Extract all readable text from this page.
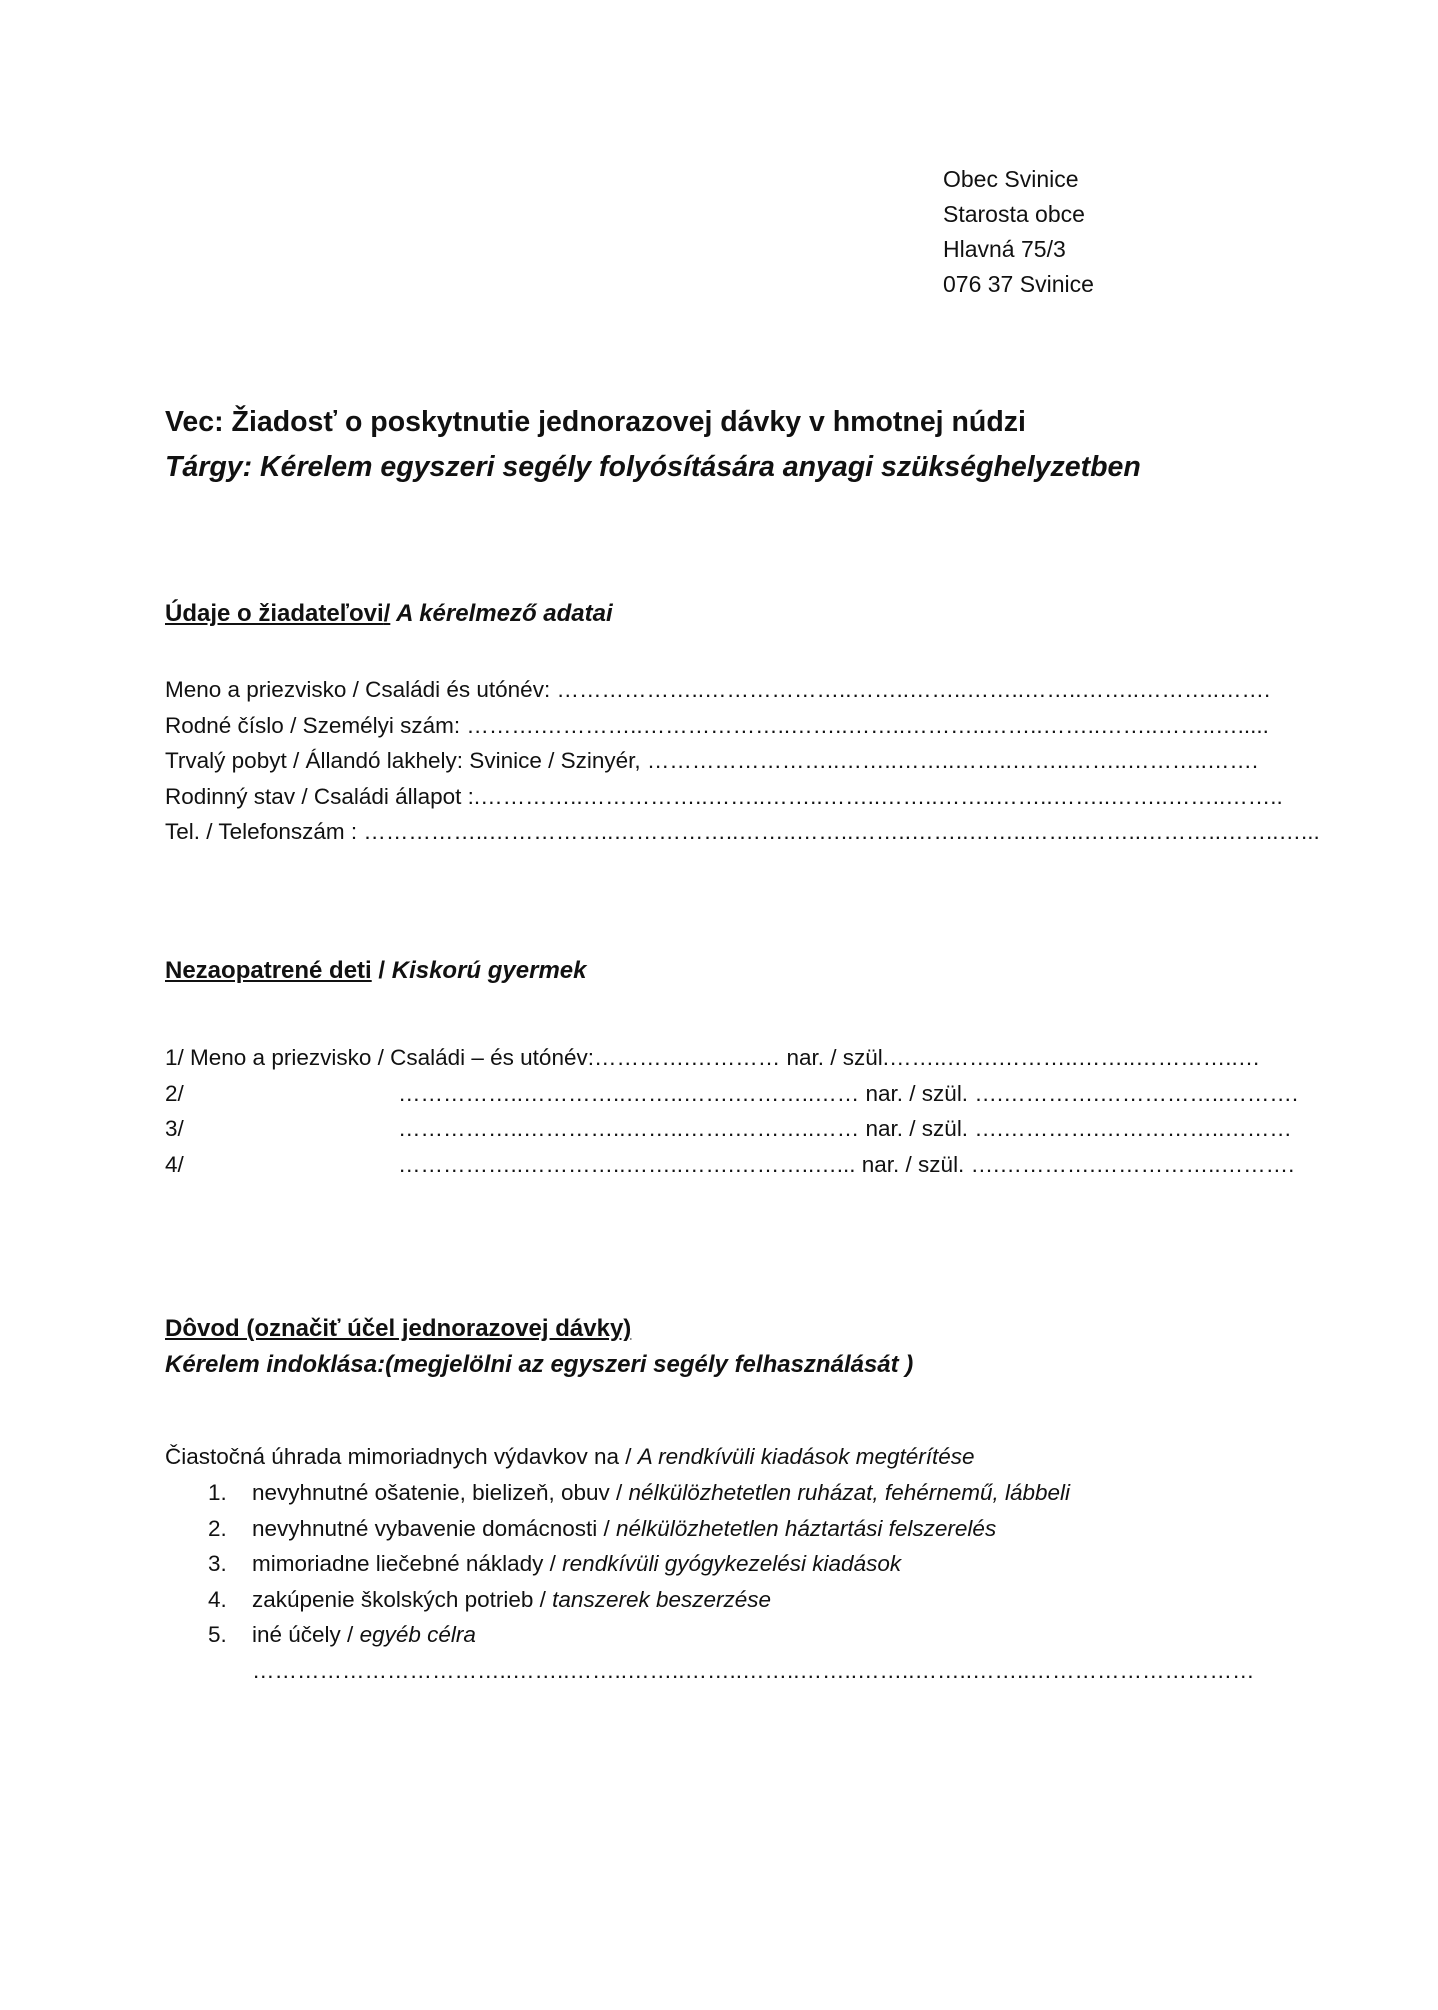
Obec Svinice
Starosta obce
Hlavná 75/3
076 37 Svinice
Vec: Žiadosť o poskytnutie jednorazovej dávky v hmotnej núdzi
Tárgy: Kérelem egyszeri segély folyósítására anyagi szükséghelyzetben
Údaje o žiadateľovi/ A kérelmező adatai
Meno a priezvisko / Családi és utónév: ………………..………………..……..……..……..……..……..………..…….
Rodné číslo / Személyi szám: ……….…………..………………..……..……..………..……..……..……..……..….....
Trvalý pobyt / Állandó lakhely: Svinice / Szinyér, ……………………..……..……..……..……..……..………..…….
Rodinný stav / Családi állapot :.…………..……………..……..……..……..……..……..……..……..……..……..……..
Tel. / Telefonszám : ……………..……………..……………..……..……..……..……..……..……..……..………..……..…...
Nezaopatrené deti / Kiskorú gyermek
1/ Meno a priezvisko / Családi – és utónév:………….………… nar. / szül.……..…….………..……..…………..…
2/	……………..…………..……..…….………..…… nar. / szül. ….………….……………..……….
3/	……………..…………..……..…….………..…… nar. / szül. ….………….……………..………
4/	……………..…………..……..…….………..…... nar. / szül. ….………….……………..……….
Dôvod (označiť účel jednorazovej dávky)
Kérelem indoklása:(megjelölni az egyszeri segély felhasználását )
Čiastočná úhrada mimoriadnych výdavkov na / A rendkívüli kiadások megtérítése
1. nevyhnutné ošatenie, bielizeň, obuv / nélkülözhetetlen ruházat, fehérnemű, lábbeli
2. nevyhnutné vybavenie domácnosti / nélkülözhetetlen háztartási felszerelés
3. mimoriadne liečebné náklady / rendkívüli gyógykezelési kiadások
4. zakúpenie školských potrieb / tanszerek beszerzése
5. iné účely / egyéb célra
……………………………..……..……..……..……..……..……..……..……..……..…………………………
